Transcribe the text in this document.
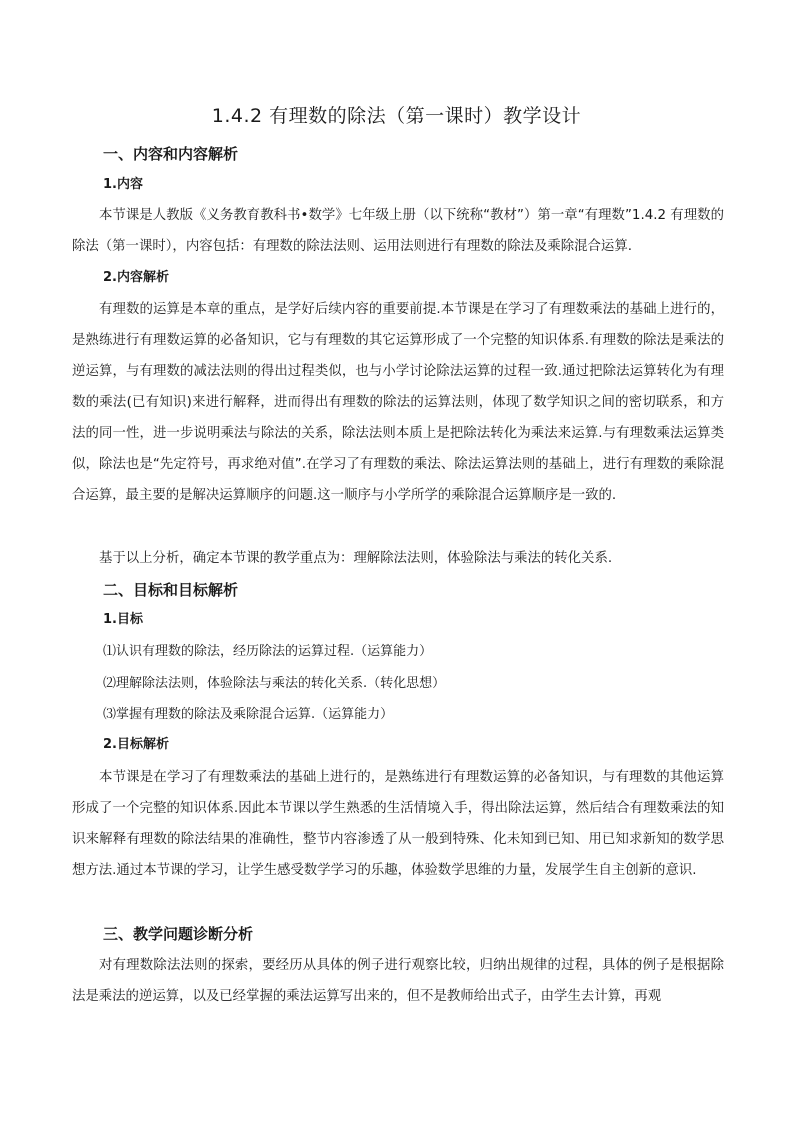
1.4.2 有理数的除法（第一课时）教学设计
一、内容和内容解析
1.内容

本节课是人教版《义务教育教科书•数学》七年级上册（以下统称“教材”）第一章“有理数”1.4.2 有理数的除法（第一课时），内容包括：有理数的除法法则、运用法则进行有理数的除法及乘除混合运算.

2.内容解析

有理数的运算是本章的重点，是学好后续内容的重要前提.本节课是在学习了有理数乘法的基础上进行的，是熟练进行有理数运算的必备知识，它与有理数的其它运算形成了一个完整的知识体系.有理数的除法是乘法的逆运算，与有理数的减法法则的得出过程类似，也与小学讨论除法运算的过程一致.通过把除法运算转化为有理数的乘法(已有知识)来进行解释，进而得出有理数的除法的运算法则，体现了数学知识之间的密切联系，和方法的同一性，进一步说明乘法与除法的关系，除法法则本质上是把除法转化为乘法来运算.与有理数乘法运算类似，除法也是“先定符号，再求绝对值”.在学习了有理数的乘法、除法运算法则的基础上，进行有理数的乘除混合运算，最主要的是解决运算顺序的问题.这一顺序与小学所学的乘除混合运算顺序是一致的.

基于以上分析，确定本节课的教学重点为：理解除法法则，体验除法与乘法的转化关系.

二、目标和目标解析
1.目标

⑴认识有理数的除法，经历除法的运算过程.（运算能力）

⑵理解除法法则，体验除法与乘法的转化关系.（转化思想）

⑶掌握有理数的除法及乘除混合运算.（运算能力）

2.目标解析

本节课是在学习了有理数乘法的基础上进行的，是熟练进行有理数运算的必备知识，与有理数的其他运算形成了一个完整的知识体系.因此本节课以学生熟悉的生活情境入手，得出除法运算，然后结合有理数乘法的知识来解释有理数的除法结果的准确性，整节内容渗透了从一般到特殊、化未知到已知、用已知求新知的数学思想方法.通过本节课的学习，让学生感受数学学习的乐趣，体验数学思维的力量，发展学生自主创新的意识.

三、教学问题诊断分析

对有理数除法法则的探索，要经历从具体的例子进行观察比较，归纳出规律的过程，具体的例子是根据除法是乘法的逆运算，以及已经掌握的乘法运算写出来的，但不是教师给出式子，由学生去计算，再观
